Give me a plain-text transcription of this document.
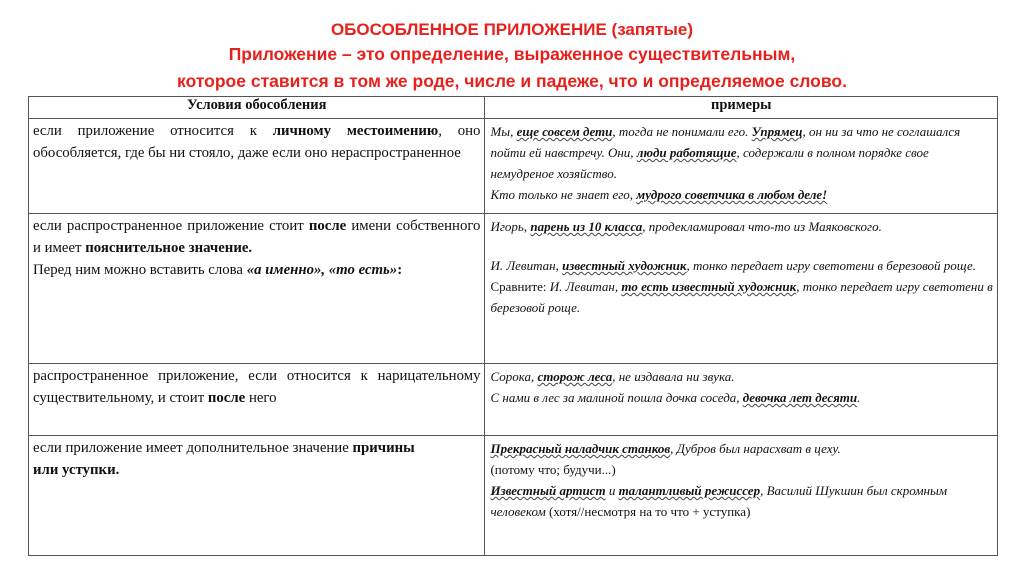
ОБОСОБЛЕННОЕ ПРИЛОЖЕНИЕ (запятые)

Приложение – это определение, выраженное существительным,

которое ставится в том же роде, числе и падеже, что и определяемое слово.

Условия обособления	примеры
если приложение относится к личному местоимению, оно обособляется, где бы ни стояло, даже если оно нераспространенное	Мы, еще совсем дети, тогда не понимали его. Упрямец, он ни за что не соглашался пойти ей навстречу. Они, люди работящие, содержали в полном порядке свое немудреное хозяйство.
Кто только не знает его, мудрого советчика в любом деле!
если распространенное приложение стоит после имени собственного и имеет пояснительное значение.
Перед ним можно вставить слова «а именно», «то есть»:	Игорь, парень из 10 класса, продекламировал что-то из Маяковского.
И. Левитан, известный художник, тонко передает игру светотени в березовой роще. Сравните: И. Левитан, то есть известный художник, тонко передает игру светотени в березовой роще.
распространенное приложение, если относится к нарицательному существительному, и стоит после него	Сорока, сторож леса, не издавала ни звука.
С нами в лес за малиной пошла дочка соседа, девочка лет десяти.
если приложение имеет дополнительное значение причины
или уступки.	Прекрасный наладчик станков, Дубров был нарасхват в цеху.
(потому что; будучи...)
Известный артист и талантливый режиссер, Василий Шукшин был скромным человеком (хотя//несмотря на то что + уступка)
